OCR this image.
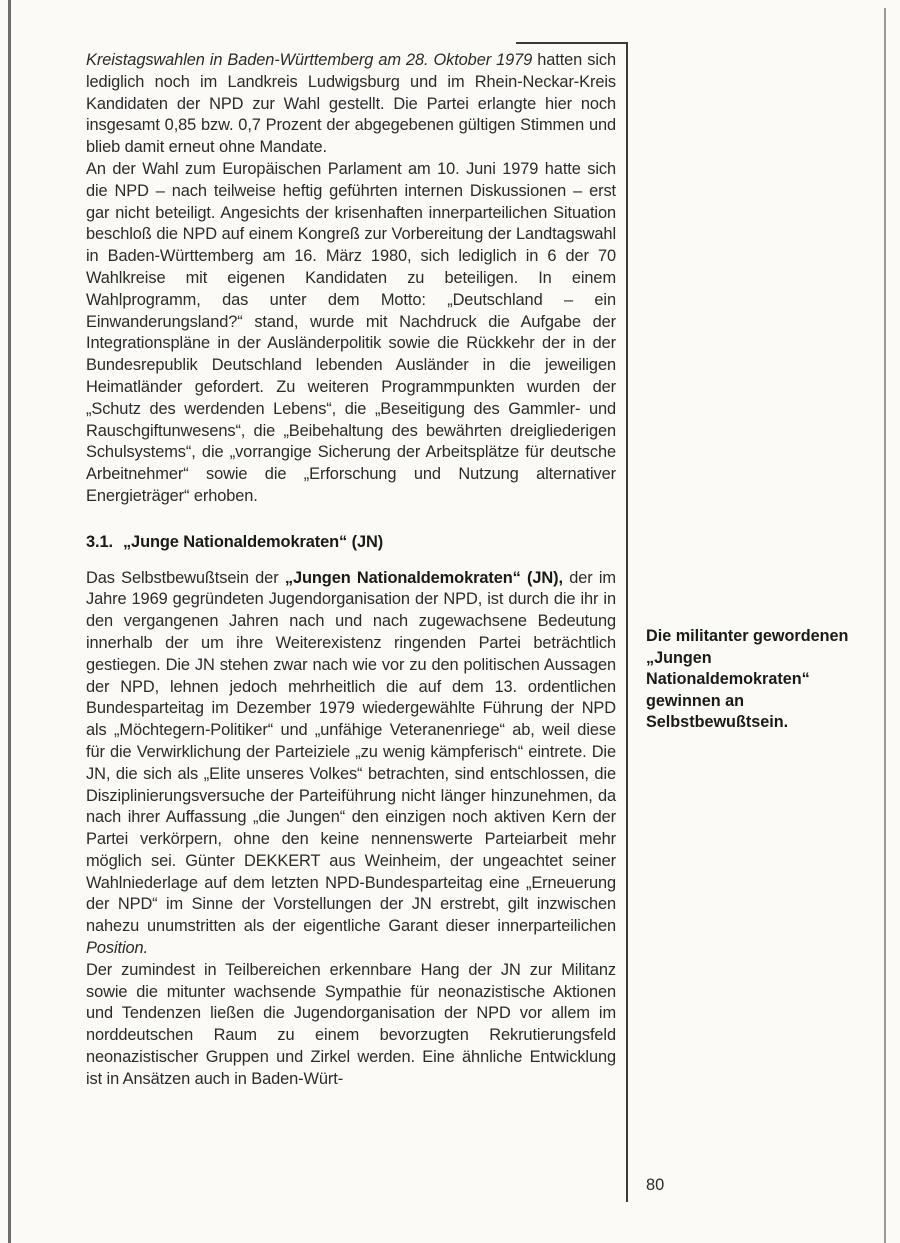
Kreistagswahlen in Baden-Württemberg am 28. Oktober 1979 hatten sich lediglich noch im Landkreis Ludwigsburg und im Rhein-Neckar-Kreis Kandidaten der NPD zur Wahl gestellt. Die Partei erlangte hier noch insgesamt 0,85 bzw. 0,7 Prozent der abgegebenen gültigen Stimmen und blieb damit erneut ohne Mandate.

An der Wahl zum Europäischen Parlament am 10. Juni 1979 hatte sich die NPD – nach teilweise heftig geführten internen Diskussionen – erst gar nicht beteiligt. Angesichts der krisenhaften innerparteilichen Situation beschloß die NPD auf einem Kongreß zur Vorbereitung der Landtagswahl in Baden-Württemberg am 16. März 1980, sich lediglich in 6 der 70 Wahlkreise mit eigenen Kandidaten zu beteiligen. In einem Wahlprogramm, das unter dem Motto: „Deutschland – ein Einwanderungsland?“ stand, wurde mit Nachdruck die Aufgabe der Integrationspläne in der Ausländerpolitik sowie die Rückkehr der in der Bundesrepublik Deutschland lebenden Ausländer in die jeweiligen Heimatländer gefordert. Zu weiteren Programmpunkten wurden der „Schutz des werdenden Lebens“, die „Beseitigung des Gammler- und Rauschgiftunwesens“, die „Beibehaltung des bewährten dreigliederigen Schulsystems“, die „vorrangige Sicherung der Arbeitsplätze für deutsche Arbeitnehmer“ sowie die „Erforschung und Nutzung alternativer Energieträger“ erhoben.

3.1. „Junge Nationaldemokraten“ (JN)

Das Selbstbewußtsein der „Jungen Nationaldemokraten“ (JN), der im Jahre 1969 gegründeten Jugendorganisation der NPD, ist durch die ihr in den vergangenen Jahren nach und nach zugewachsene Bedeutung innerhalb der um ihre Weiterexistenz ringenden Partei beträchtlich gestiegen. Die JN stehen zwar nach wie vor zu den politischen Aussagen der NPD, lehnen jedoch mehrheitlich die auf dem 13. ordentlichen Bundesparteitag im Dezember 1979 wiedergewählte Führung der NPD als „Möchtegern-Politiker“ und „unfähige Veteranenriege“ ab, weil diese für die Verwirklichung der Parteiziele „zu wenig kämpferisch“ eintrete. Die JN, die sich als „Elite unseres Volkes“ betrachten, sind entschlossen, die Disziplinierungsversuche der Parteiführung nicht länger hinzunehmen, da nach ihrer Auffassung „die Jungen“ den einzigen noch aktiven Kern der Partei verkörpern, ohne den keine nennenswerte Parteiarbeit mehr möglich sei. Günter DEKKERT aus Weinheim, der ungeachtet seiner Wahlniederlage auf dem letzten NPD-Bundesparteitag eine „Erneuerung der NPD“ im Sinne der Vorstellungen der JN erstrebt, gilt inzwischen nahezu unumstritten als der eigentliche Garant dieser innerparteilichen Position.

Der zumindest in Teilbereichen erkennbare Hang der JN zur Militanz sowie die mitunter wachsende Sympathie für neonazistische Aktionen und Tendenzen ließen die Jugendorganisation der NPD vor allem im norddeutschen Raum zu einem bevorzugten Rekrutierungsfeld neonazistischer Gruppen und Zirkel werden. Eine ähnliche Entwicklung ist in Ansätzen auch in Baden-Würt-

Die militanter gewordenen „Jungen Nationaldemokraten“ gewinnen an Selbstbewußtsein.
80
